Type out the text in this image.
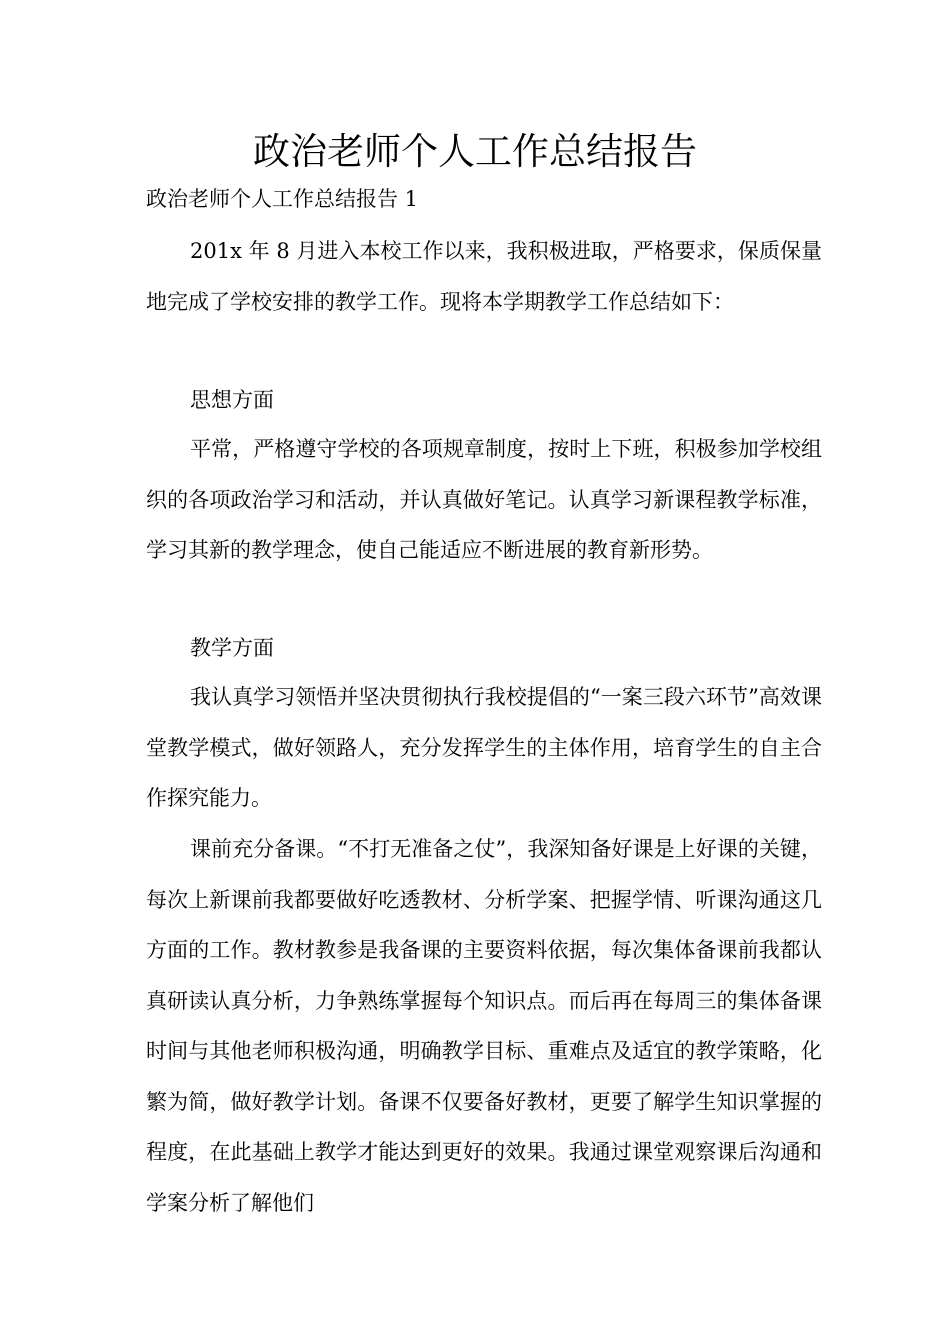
政治老师个人工作总结报告

政治老师个人工作总结报告 1

201x 年 8 月进入本校工作以来，我积极进取，严格要求，保质保量地完成了学校安排的教学工作。现将本学期教学工作总结如下：

思想方面

平常，严格遵守学校的各项规章制度，按时上下班，积极参加学校组织的各项政治学习和活动，并认真做好笔记。认真学习新课程教学标准，学习其新的教学理念，使自己能适应不断进展的教育新形势。

教学方面

我认真学习领悟并坚决贯彻执行我校提倡的“一案三段六环节”高效课堂教学模式，做好领路人，充分发挥学生的主体作用，培育学生的自主合作探究能力。

课前充分备课。“不打无准备之仗”，我深知备好课是上好课的关键，每次上新课前我都要做好吃透教材、分析学案、把握学情、听课沟通这几方面的工作。教材教参是我备课的主要资料依据，每次集体备课前我都认真研读认真分析，力争熟练掌握每个知识点。而后再在每周三的集体备课时间与其他老师积极沟通，明确教学目标、重难点及适宜的教学策略，化繁为简，做好教学计划。备课不仅要备好教材，更要了解学生知识掌握的程度，在此基础上教学才能达到更好的效果。我通过课堂观察课后沟通和学案分析了解他们
